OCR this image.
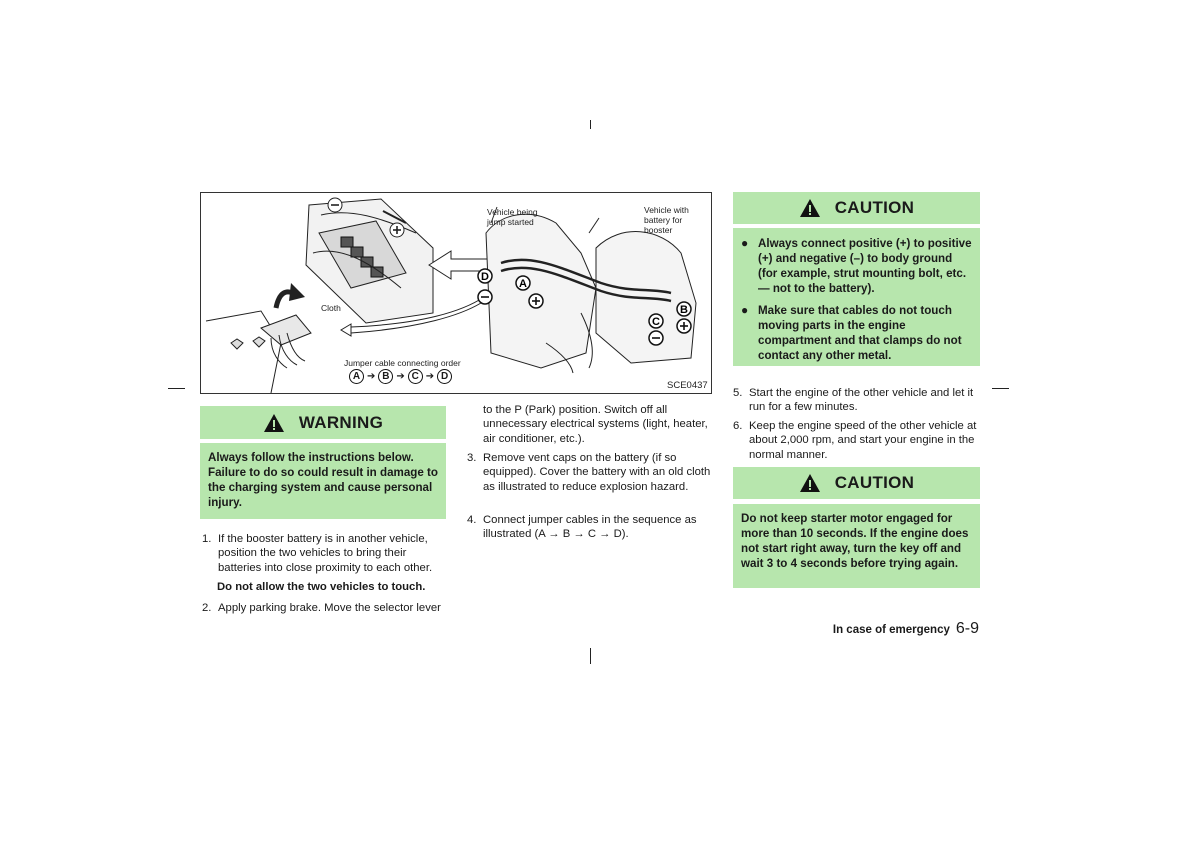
D
A
B
C
Vehicle being jump started
Vehicle with battery for booster
Cloth
Jumper cable connecting order
A ➔ B ➔ C ➔ D
SCE0437
WARNING
Always follow the instructions below. Failure to do so could result in damage to the charging system and cause personal injury.
1. If the booster battery is in another vehicle, position the two vehicles to bring their batteries into close proximity to each other.
Do not allow the two vehicles to touch.
2. Apply parking brake. Move the selector lever
to the P (Park) position. Switch off all unnecessary electrical systems (light, heater, air conditioner, etc.).
3. Remove vent caps on the battery (if so equipped). Cover the battery with an old cloth as illustrated to reduce explosion hazard.
4. Connect jumper cables in the sequence as illustrated (A → B → C → D).
CAUTION
● Always connect positive (+) to positive (+) and negative (–) to body ground (for example, strut mounting bolt, etc. — not to the battery).
● Make sure that cables do not touch moving parts in the engine compartment and that clamps do not contact any other metal.
5. Start the engine of the other vehicle and let it run for a few minutes.
6. Keep the engine speed of the other vehicle at about 2,000 rpm, and start your engine in the normal manner.
CAUTION
Do not keep starter motor engaged for more than 10 seconds. If the engine does not start right away, turn the key off and wait 3 to 4 seconds before trying again.
In case of emergency 6-9
